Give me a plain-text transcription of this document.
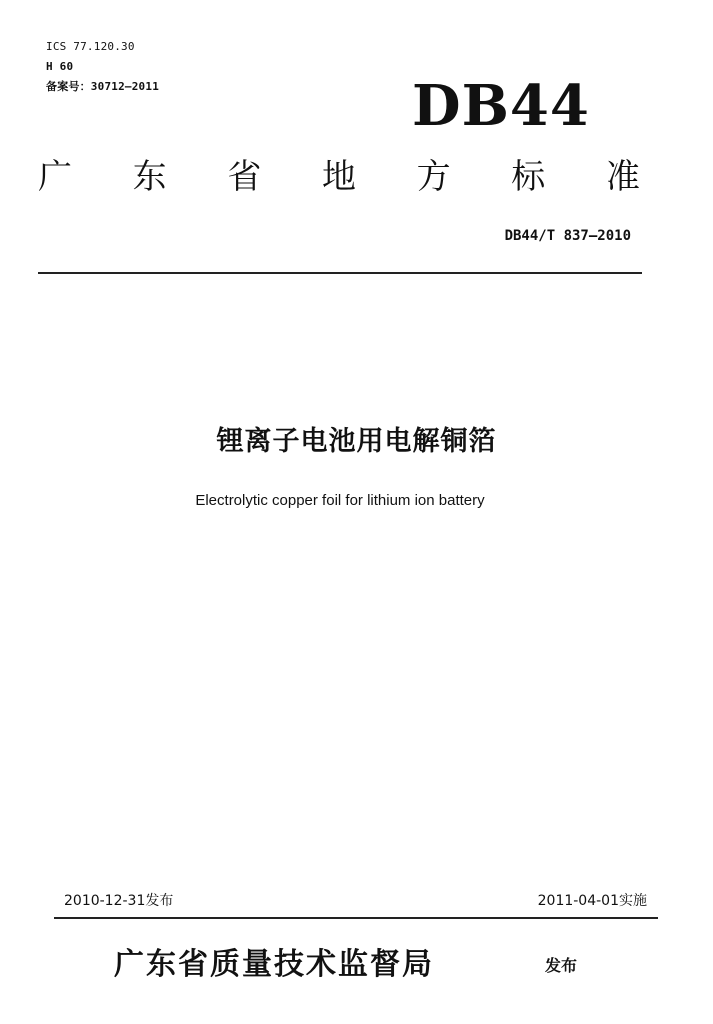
ICS 77.120.30
H 60
备案号：30712—2011	DB44
广 东 省 地 方 标 准
DB44/T 837—2010
锂离子电池用电解铜箔
Electrolytic copper foil for lithium ion battery
2010-12-31发布	2011-04-01实施
广东省质量技术监督局	发布
